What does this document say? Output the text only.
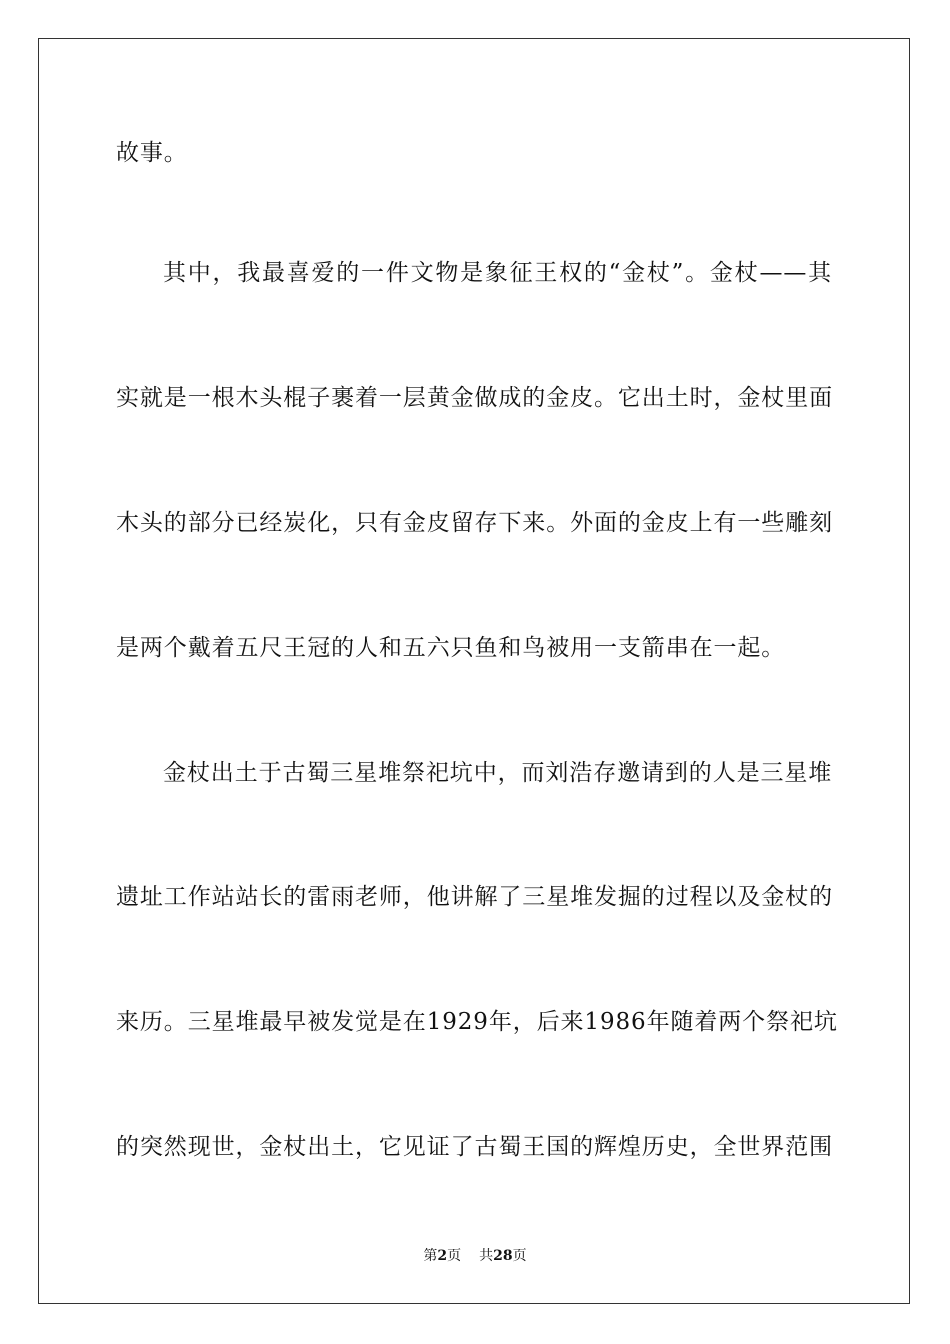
故事。
其中，我最喜爱的一件文物是象征王权的“金杖”。金杖——其
实就是一根木头棍子裹着一层黄金做成的金皮。它出土时，金杖里面
木头的部分已经炭化，只有金皮留存下来。外面的金皮上有一些雕刻
是两个戴着五尺王冠的人和五六只鱼和鸟被用一支箭串在一起。
金杖出土于古蜀三星堆祭祀坑中，而刘浩存邀请到的人是三星堆
遗址工作站站长的雷雨老师，他讲解了三星堆发掘的过程以及金杖的
来历。三星堆最早被发觉是在1929年，后来1986年随着两个祭祀坑
的突然现世，金杖出土，它见证了古蜀王国的辉煌历史，全世界范围
第2页 共28页
